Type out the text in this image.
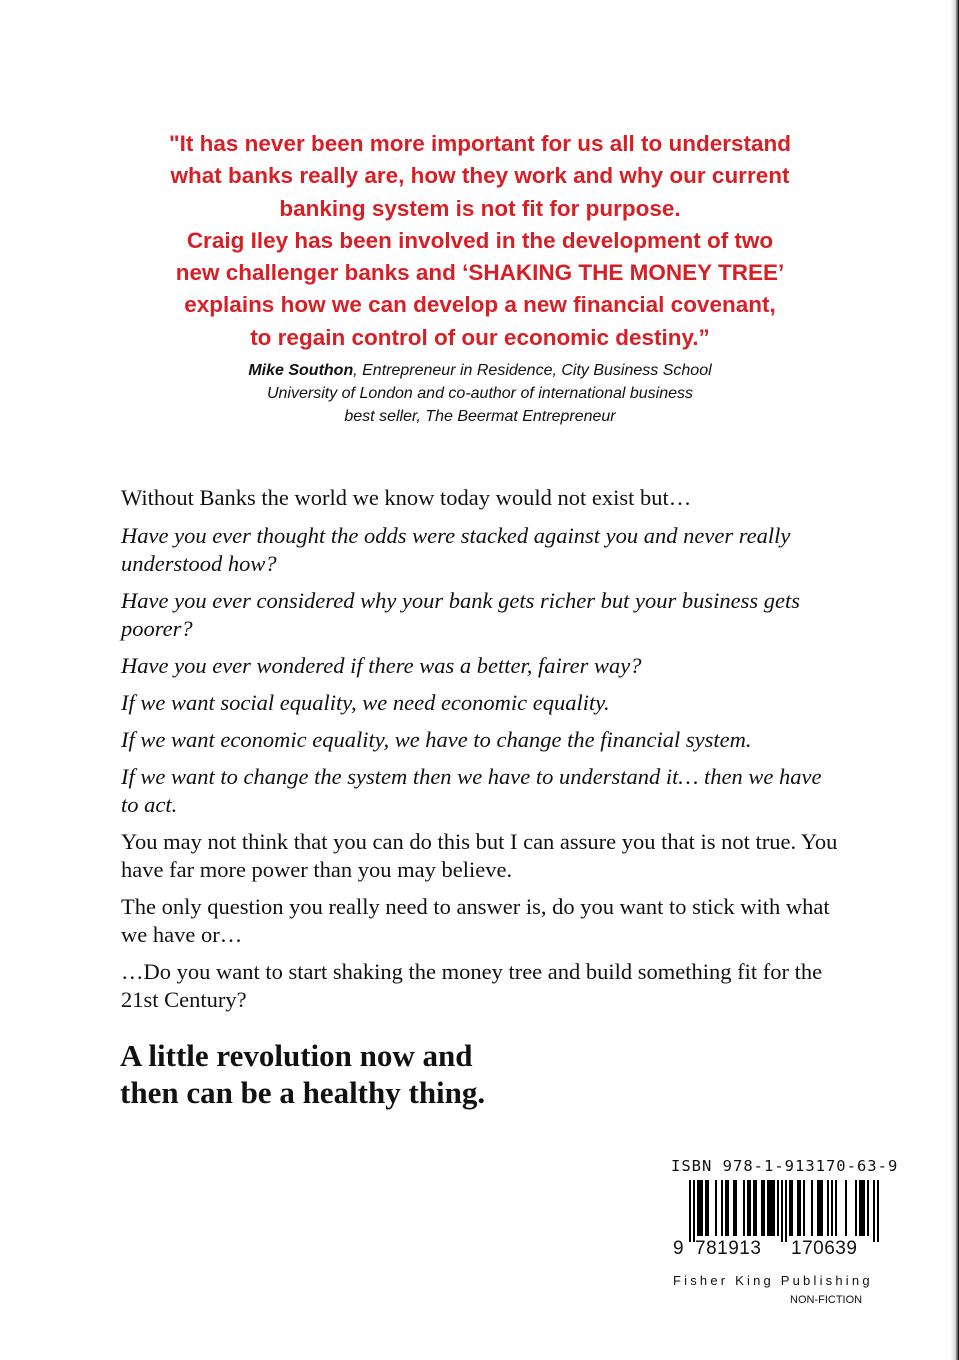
"It has never been more important for us all to understand
what banks really are, how they work and why our current
banking system is not fit for purpose.
Craig Iley has been involved in the development of two
new challenger banks and ‘SHAKING THE MONEY TREE’
explains how we can develop a new financial covenant,
to regain control of our economic destiny.”
Mike Southon, Entrepreneur in Residence, City Business School
University of London and co-author of international business
best seller, The Beermat Entrepreneur

Without Banks the world we know today would not exist but…

Have you ever thought the odds were stacked against you and never really understood how?

Have you ever considered why your bank gets richer but your business gets poorer?

Have you ever wondered if there was a better, fairer way?

If we want social equality, we need economic equality.

If we want economic equality, we have to change the financial system.

If we want to change the system then we have to understand it… then we have to act.

You may not think that you can do this but I can assure you that is not true. You have far more power than you may believe.

The only question you really need to answer is, do you want to stick with what we have or…

…Do you want to start shaking the money tree and build something fit for the 21st Century?

A little revolution now and
then can be a healthy thing.
ISBN 978-1-913170-63-9
9 781913 170639
Fisher King Publishing
NON-FICTION
